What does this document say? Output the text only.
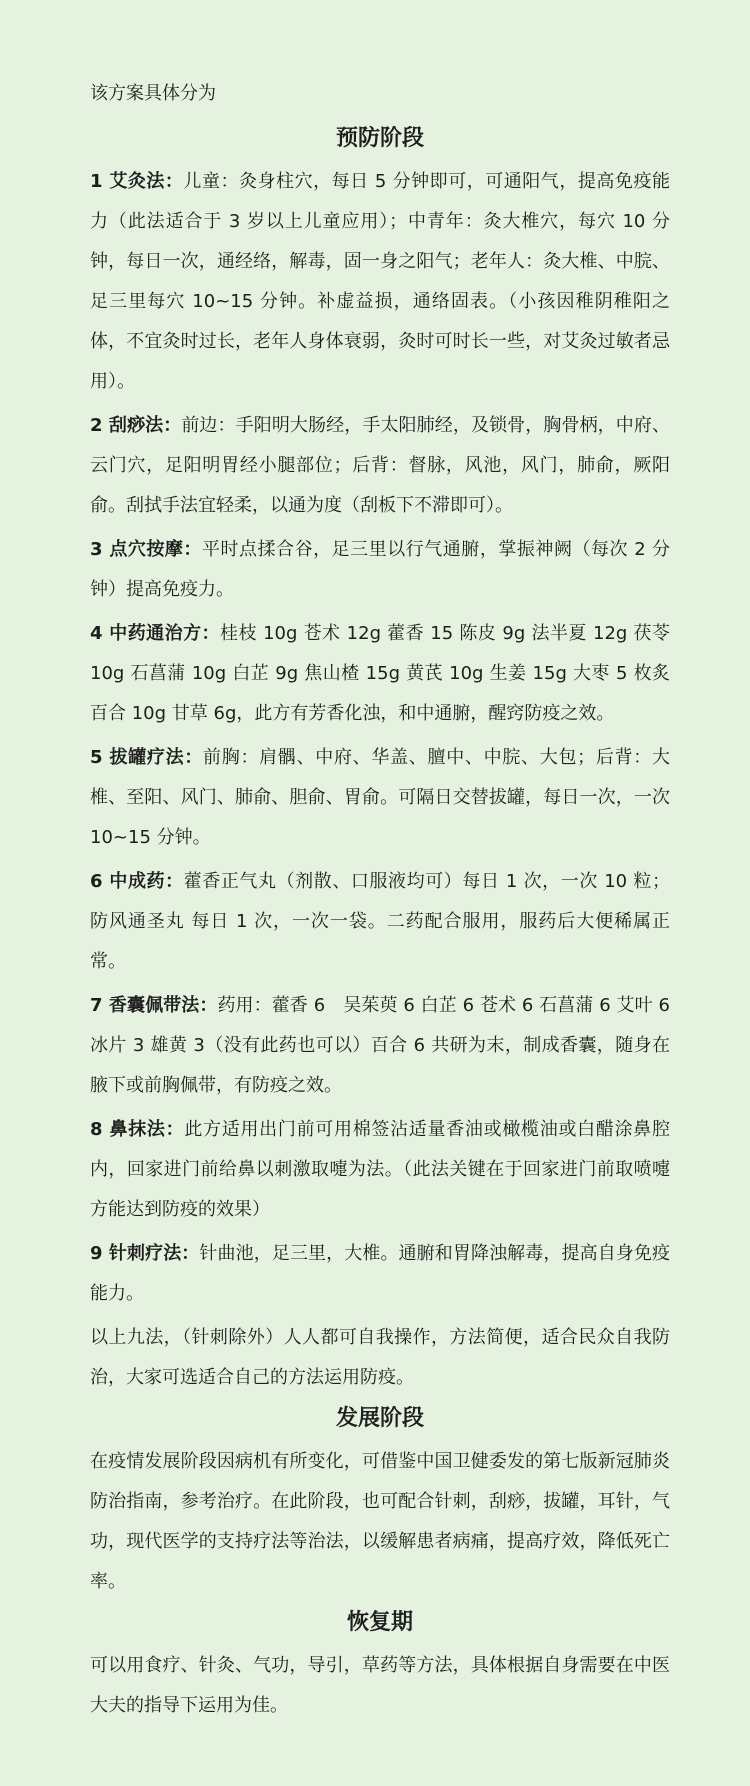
该方案具体分为
预防阶段

1 艾灸法：儿童：灸身柱穴，每日 5 分钟即可，可通阳气，提高免疫能力（此法适合于 3 岁以上儿童应用）；中青年：灸大椎穴，每穴 10 分钟，每日一次，通经络，解毒，固一身之阳气；老年人：灸大椎、中脘、足三里每穴 10~15 分钟。补虚益损，通络固表。（小孩因稚阴稚阳之体，不宜灸时过长，老年人身体衰弱，灸时可时长一些，对艾灸过敏者忌用）。

2 刮痧法：前边：手阳明大肠经，手太阳肺经，及锁骨，胸骨柄，中府、云门穴，足阳明胃经小腿部位；后背：督脉，风池，风门，肺俞，厥阳俞。刮拭手法宜轻柔，以通为度（刮板下不滞即可）。

3 点穴按摩：平时点揉合谷，足三里以行气通腑，掌振神阙（每次 2 分钟）提高免疫力。

4 中药通治方：桂枝 10g 苍术 12g 藿香 15 陈皮 9g 法半夏 12g 茯苓 10g 石菖蒲 10g 白芷 9g 焦山楂 15g 黄芪 10g 生姜 15g 大枣 5 枚炙百合 10g 甘草 6g，此方有芳香化浊，和中通腑，醒窍防疫之效。

5 拔罐疗法：前胸：肩髃、中府、华盖、膻中、中脘、大包；后背：大椎、至阳、风门、肺俞、胆俞、胃俞。可隔日交替拔罐，每日一次，一次 10~15 分钟。

6 中成药：藿香正气丸（剂散、口服液均可）每日 1 次，一次 10 粒；防风通圣丸 每日 1 次，一次一袋。二药配合服用，服药后大便稀属正常。

7 香囊佩带法：药用：藿香 6　吴茱萸 6 白芷 6 苍术 6 石菖蒲 6 艾叶 6 冰片 3 雄黄 3（没有此药也可以）百合 6 共研为末，制成香囊，随身在腋下或前胸佩带，有防疫之效。

8 鼻抹法：此方适用出门前可用棉签沾适量香油或橄榄油或白醋涂鼻腔内，回家进门前给鼻以刺激取嚏为法。（此法关键在于回家进门前取喷嚏方能达到防疫的效果）

9 针刺疗法：针曲池，足三里，大椎。通腑和胃降浊解毒，提高自身免疫能力。

以上九法，（针刺除外）人人都可自我操作，方法简便，适合民众自我防治，大家可选适合自己的方法运用防疫。

发展阶段

在疫情发展阶段因病机有所变化，可借鉴中国卫健委发的第七版新冠肺炎防治指南，参考治疗。在此阶段，也可配合针刺，刮痧，拔罐，耳针，气功，现代医学的支持疗法等治法，以缓解患者病痛，提高疗效，降低死亡率。

恢复期

可以用食疗、针灸、气功，导引，草药等方法，具体根据自身需要在中医大夫的指导下运用为佳。
